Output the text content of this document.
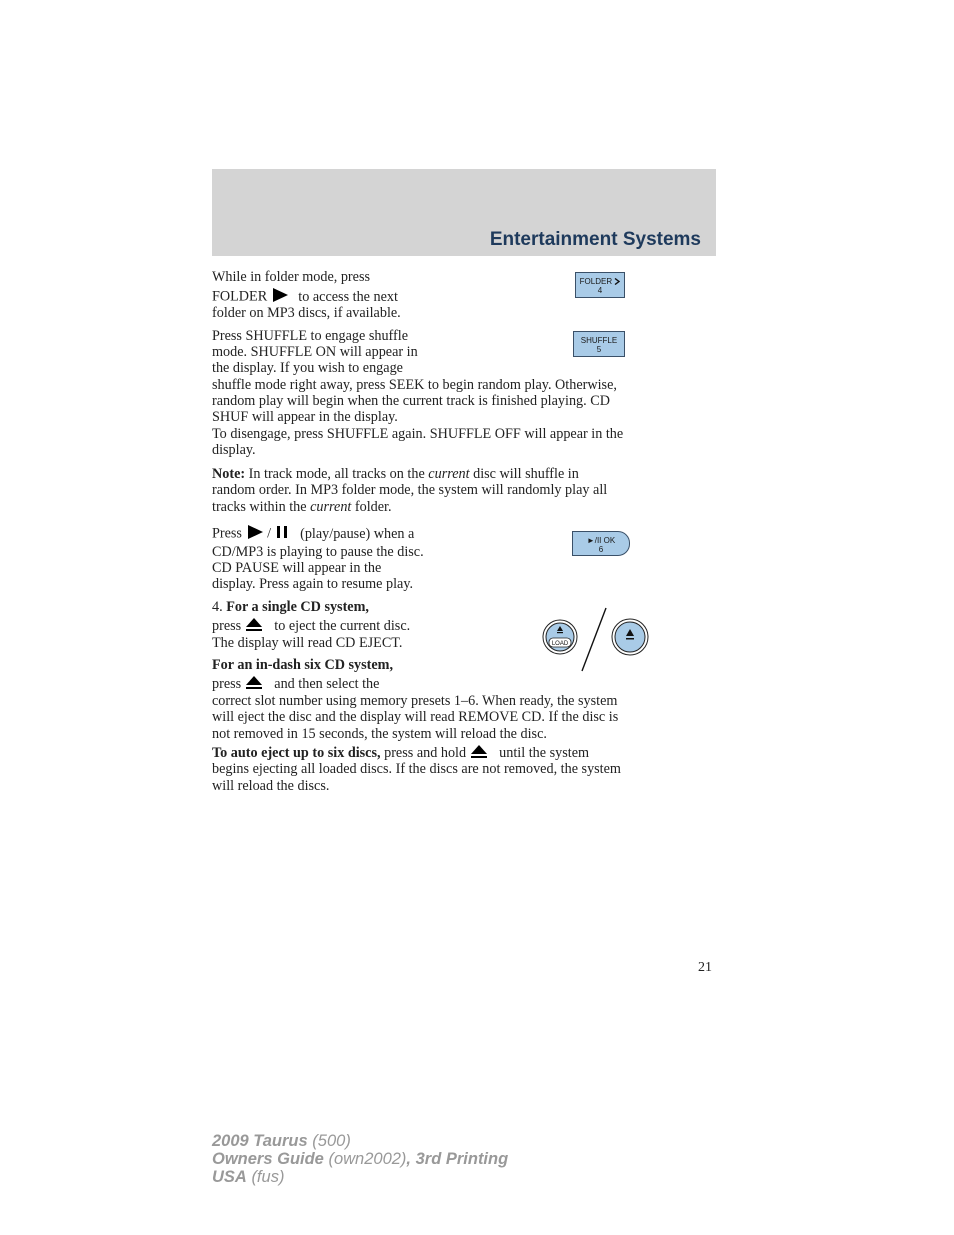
Entertainment Systems
While in folder mode, press
FOLDER to access the next
folder on MP3 discs, if available.
FOLDER
4
Press SHUFFLE to engage shuffle
mode. SHUFFLE ON will appear in
the display. If you wish to engage
shuffle mode right away, press SEEK to begin random play. Otherwise,
random play will begin when the current track is finished playing. CD
SHUF will appear in the display.
To disengage, press SHUFFLE again. SHUFFLE OFF will appear in the
display.
SHUFFLE
5
Note: In track mode, all tracks on the current disc will shuffle in
random order. In MP3 folder mode, the system will randomly play all
tracks within the current folder.
Press / (play/pause) when a
CD/MP3 is playing to pause the disc.
CD PAUSE will appear in the
display. Press again to resume play.
►/II OK
6
4. For a single CD system,
press to eject the current disc.
The display will read CD EJECT.
For an in-dash six CD system,
press and then select the
correct slot number using memory presets 1–6. When ready, the system
will eject the disc and the display will read REMOVE CD. If the disc is
not removed in 15 seconds, the system will reload the disc.
To auto eject up to six discs, press and hold until the system
begins ejecting all loaded discs. If the discs are not removed, the system
will reload the discs.
LOAD
21
2009 Taurus (500)
Owners Guide (own2002), 3rd Printing
USA (fus)
